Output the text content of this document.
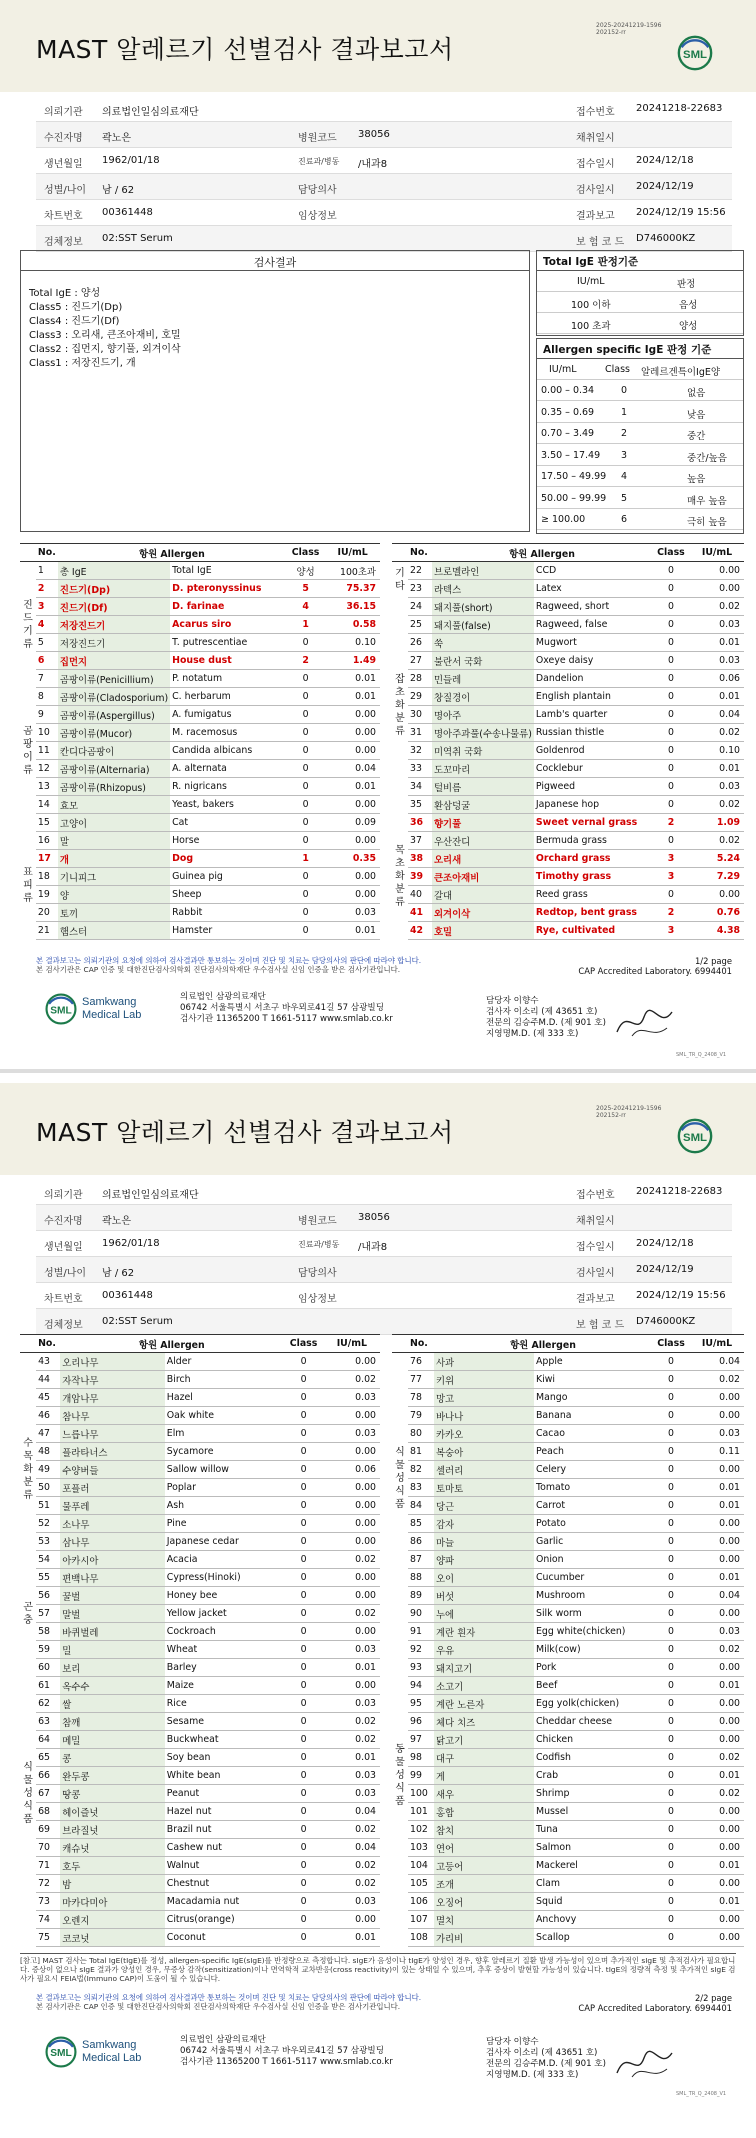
MAST 알레르기 선별검사 결과보고서
2025-20241219-1596
202152-rr
SML
의뢰기관 의료법인일심의료재단	접수번호 20241218-22683
수진자명 곽노은	병원코드 38056	채취일시
생년월일 1962/01/18	진료과/병동 /내과8	접수일시 2024/12/18
성별/나이 남 / 62	담당의사	검사일시 2024/12/19
차트번호 00361448	임상정보	결과보고 2024/12/19 15:56
검체정보 02:SST Serum	보 험 코 드 D746000KZ
검사결과
Total IgE : 양성
Class5 : 진드기(Dp)
Class4 : 진드기(Df)
Class3 : 오리새, 큰조아재비, 호밀
Class2 : 집먼지, 향기풀, 외겨이삭
Class1 : 저장진드기, 개
Total IgE 판정기준
IU/mL	판정
100 이하	음성
100 초과	양성
Allergen specific IgE 판정 기준
IU/mL	Class 알레르겐특이IgE양
0.00 – 0.34	0	없음
0.35 – 0.69	1	낮음
0.70 – 3.49	2	중간
3.50 – 17.49 3	중간/높음
17.50 – 49.99 4	높음
50.00 – 99.99 5	매우 높음
≥ 100.00	6	극히 높음
	No.	항원 Allergen		Class	IU/mL
	1	총 IgE	Total IgE	양성	100초과
진드기류	2	진드기(Dp)	D. pteronyssinus	5	75.37
	3	진드기(Df)	D. farinae	4	36.15
	4	저장진드기	Acarus siro	1	0.58
	5	저장진드기	T. putrescentiae	0	0.10
	6	집먼지	House dust	2	1.49
곰팡이류	7	곰팡이류(Penicillium)	P. notatum	0	0.01
	8	곰팡이류(Cladosporium)	C. herbarum	0	0.01
	9	곰팡이류(Aspergillus)	A. fumigatus	0	0.00
	10	곰팡이류(Mucor)	M. racemosus	0	0.00
	11	칸디다곰팡이	Candida albicans	0	0.00
	12	곰팡이류(Alternaria)	A. alternata	0	0.04
	13	곰팡이류(Rhizopus)	R. nigricans	0	0.01
	14	효모	Yeast, bakers	0	0.00
	15	고양이	Cat	0	0.09
표피류	16	말	Horse	0	0.00
	17	개	Dog	1	0.35
	18	기니피그	Guinea pig	0	0.00
	19	양	Sheep	0	0.00
	20	토끼	Rabbit	0	0.03
	21	햄스터	Hamster	0	0.01
	No.	항원 Allergen		Class	IU/mL
기타	22	브로멜라인	CCD	0	0.00
	23	라텍스	Latex	0	0.00
잡초화분류	24	돼지풀(short)	Ragweed, short	0	0.02
	25	돼지풀(false)	Ragweed, false	0	0.03
	26	쑥	Mugwort	0	0.01
	27	불란서 국화	Oxeye daisy	0	0.03
	28	민들레	Dandelion	0	0.06
	29	창질경이	English plantain	0	0.01
	30	명아주	Lamb's quarter	0	0.04
	31	명아주과풀(수송나물류)	Russian thistle	0	0.02
	32	미역취 국화	Goldenrod	0	0.10
	33	도꼬마리	Cocklebur	0	0.01
	34	털비름	Pigweed	0	0.03
	35	환삼덩굴	Japanese hop	0	0.02
목초화분류	36	향기풀	Sweet vernal grass	2	1.09
	37	우산잔디	Bermuda grass	0	0.02
	38	오리새	Orchard grass	3	5.24
	39	큰조아재비	Timothy grass	3	7.29
	40	갈대	Reed grass	0	0.00
	41	외겨이삭	Redtop, bent grass	2	0.76
	42	호밀	Rye, cultivated	3	4.38
본 결과보고는 의뢰기관의 요청에 의하여 검사결과만 통보하는 것이며 진단 및 치료는 담당의사의 판단에 따라야 합니다.
본 검사기관은 CAP 인증 및 대한진단검사의학회 진단검사의학재단 우수검사실 신임 인증을 받은 검사기관입니다.
1/2 page
CAP Accredited Laboratory. 6994401
SML
Samkwang
Medical Lab
의료법인 삼광의료재단
06742 서울특별시 서초구 바우뫼로41길 57 삼광빌딩
검사기관 11365200 T 1661-5117 www.smlab.co.kr
담당자 이향수
검사자 이소리 (제 43651 호)
전문의 김승주M.D. (제 901 호)
지영명M.D. (제 333 호)
SML_TR_Q_2408_V1
MAST 알레르기 선별검사 결과보고서
2025-20241219-1596
202152-rr
SML
의뢰기관 의료법인일심의료재단	접수번호 20241218-22683
수진자명 곽노은	병원코드 38056	채취일시
생년월일 1962/01/18	진료과/병동 /내과8	접수일시 2024/12/18
성별/나이 남 / 62	담당의사	검사일시 2024/12/19
차트번호 00361448	임상정보	결과보고 2024/12/19 15:56
검체정보 02:SST Serum	보 험 코 드 D746000KZ
	No.	항원 Allergen		Class	IU/mL
수목화분류	43	오리나무	Alder	0	0.00
	44	자작나무	Birch	0	0.02
	45	개암나무	Hazel	0	0.03
	46	참나무	Oak white	0	0.00
	47	느릅나무	Elm	0	0.03
	48	플라타너스	Sycamore	0	0.00
	49	수양버들	Sallow willow	0	0.06
	50	포플러	Poplar	0	0.00
	51	물푸레	Ash	0	0.00
	52	소나무	Pine	0	0.00
	53	삼나무	Japanese cedar	0	0.00
	54	아카시아	Acacia	0	0.02
	55	편백나무	Cypress(Hinoki)	0	0.00
곤충	56	꿀벌	Honey bee	0	0.00
	57	말벌	Yellow jacket	0	0.02
	58	바퀴벌레	Cockroach	0	0.00
식물성식품	59	밀	Wheat	0	0.03
	60	보리	Barley	0	0.01
	61	옥수수	Maize	0	0.00
	62	쌀	Rice	0	0.03
	63	참깨	Sesame	0	0.02
	64	메밀	Buckwheat	0	0.02
	65	콩	Soy bean	0	0.01
	66	완두콩	White bean	0	0.03
	67	땅콩	Peanut	0	0.03
	68	헤이즐넛	Hazel nut	0	0.04
	69	브라질넛	Brazil nut	0	0.02
	70	캐슈넛	Cashew nut	0	0.04
	71	호두	Walnut	0	0.02
	72	밤	Chestnut	0	0.02
	73	마카다미아	Macadamia nut	0	0.03
	74	오렌지	Citrus(orange)	0	0.00
	75	코코넛	Coconut	0	0.01
	No.	항원 Allergen		Class	IU/mL
식물성식품	76	사과	Apple	0	0.04
	77	키위	Kiwi	0	0.02
	78	망고	Mango	0	0.00
	79	바나나	Banana	0	0.00
	80	카카오	Cacao	0	0.03
	81	복숭아	Peach	0	0.11
	82	셀러리	Celery	0	0.00
	83	토마토	Tomato	0	0.01
	84	당근	Carrot	0	0.01
	85	감자	Potato	0	0.00
	86	마늘	Garlic	0	0.00
	87	양파	Onion	0	0.00
	88	오이	Cucumber	0	0.01
	89	버섯	Mushroom	0	0.04
동물성식품	90	누에	Silk worm	0	0.00
	91	계란 흰자	Egg white(chicken)	0	0.03
	92	우유	Milk(cow)	0	0.02
	93	돼지고기	Pork	0	0.00
	94	소고기	Beef	0	0.01
	95	계란 노른자	Egg yolk(chicken)	0	0.00
	96	체다 치즈	Cheddar cheese	0	0.00
	97	닭고기	Chicken	0	0.00
	98	대구	Codfish	0	0.02
	99	게	Crab	0	0.01
	100	새우	Shrimp	0	0.02
	101	홍합	Mussel	0	0.00
	102	참치	Tuna	0	0.00
	103	연어	Salmon	0	0.00
	104	고등어	Mackerel	0	0.01
	105	조개	Clam	0	0.00
	106	오징어	Squid	0	0.01
	107	멸치	Anchovy	0	0.00
	108	가리비	Scallop	0	0.00
[참고] MAST 검사는 Total IgE(tIgE)를 정성, allergen-specific IgE(sIgE)를 반정량으로 측정합니다. sIgE가 음성이나 tIgE가 양성인 경우, 향후 알레르기 질환 발생 가능성이 있으며 추가적인 sIgE 및 추적검사가 필요합니다. 증상이 없으나 sIgE 결과가 양성인 경우, 무증상 감작(sensitization)이나 면역학적 교차반응(cross reactivity)이 있는 상태일 수 있으며, 추후 증상이 발현할 가능성이 있습니다. tIgE의 정량적 측정 및 추가적인 sIgE 검사가 필요시 FEIA법(Immuno CAP)이 도움이 될 수 있습니다.
본 결과보고는 의뢰기관의 요청에 의하여 검사결과만 통보하는 것이며 진단 및 치료는 담당의사의 판단에 따라야 합니다.
본 검사기관은 CAP 인증 및 대한진단검사의학회 진단검사의학재단 우수검사실 신임 인증을 받은 검사기관입니다.
2/2 page
CAP Accredited Laboratory. 6994401
SML
Samkwang
Medical Lab
의료법인 삼광의료재단
06742 서울특별시 서초구 바우뫼로41길 57 삼광빌딩
검사기관 11365200 T 1661-5117 www.smlab.co.kr
담당자 이향수
검사자 이소리 (제 43651 호)
전문의 김승주M.D. (제 901 호)
지영명M.D. (제 333 호)
SML_TR_Q_2408_V1
